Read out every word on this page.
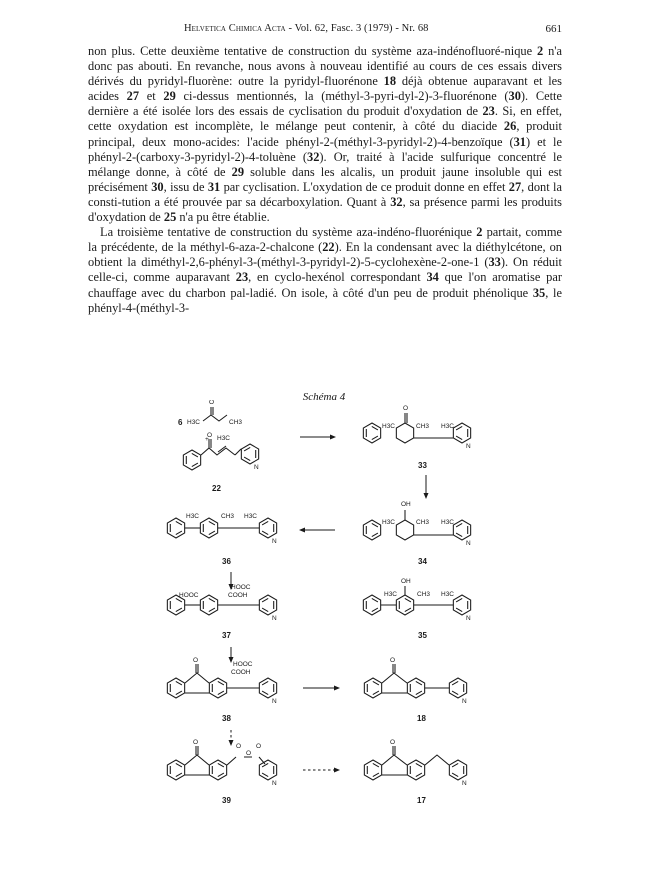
Helvetica Chimica Acta - Vol. 62, Fasc. 3 (1979) - Nr. 68	661

non plus. Cette deuxième tentative de construction du système aza-indénofluoré-nique 2 n'a donc pas abouti. En revanche, nous avons à nouveau identifié au cours de ces essais divers dérivés du pyridyl-fluorène: outre la pyridyl-fluorénone 18 déjà obtenue auparavant et les acides 27 et 29 ci-dessus mentionnés, la (méthyl-3-pyri-dyl-2)-3-fluorénone (30). Cette dernière a été isolée lors des essais de cyclisation du produit d'oxydation de 23. Si, en effet, cette oxydation est incomplète, le mélange peut contenir, à côté du diacide 26, produit principal, deux mono-acides: l'acide phényl-2-(méthyl-3-pyridyl-2)-4-benzoïque (31) et le phényl-2-(carboxy-3-pyridyl-2)-4-toluène (32). Or, traité à l'acide sulfurique concentré le mélange donne, à côté de 29 soluble dans les alcalis, un produit jaune insoluble qui est précisément 30, issu de 31 par cyclisation. L'oxydation de ce produit donne en effet 27, dont la consti-tution a été prouvée par sa décarboxylation. Quant à 32, sa présence parmi les produits d'oxydation de 25 n'a pu être établie.

La troisième tentative de construction du système aza-indéno-fluorénique 2 partait, comme la précédente, de la méthyl-6-aza-2-chalcone (22). En la condensant avec la diéthylcétone, on obtient la diméthyl-2,6-phényl-3-(méthyl-3-pyridyl-2)-5-cyclohexène-2-one-1 (33). On réduit celle-ci, comme auparavant 23, en cyclo-hexénol correspondant 34 que l'on aromatise par chauffage avec du charbon pal-ladié. On isole, à côté d'un peu de produit phénolique 35, le phényl-4-(méthyl-3-

Schéma 4
6 H3C
O
CH3
+ H3C
O
N
22
O
H3C	CH3 H3C
N
33
OH
H3C	CH3 H3C
N
34
H3C	CH3 H3C
N
36
OH
H3C	CH3 H3C
N
35
HOOC
HOOC
COOH
N
37
O
HOOC
COOH
N
38
O
N
18
O
O
O
O
N
39
O
N
17
